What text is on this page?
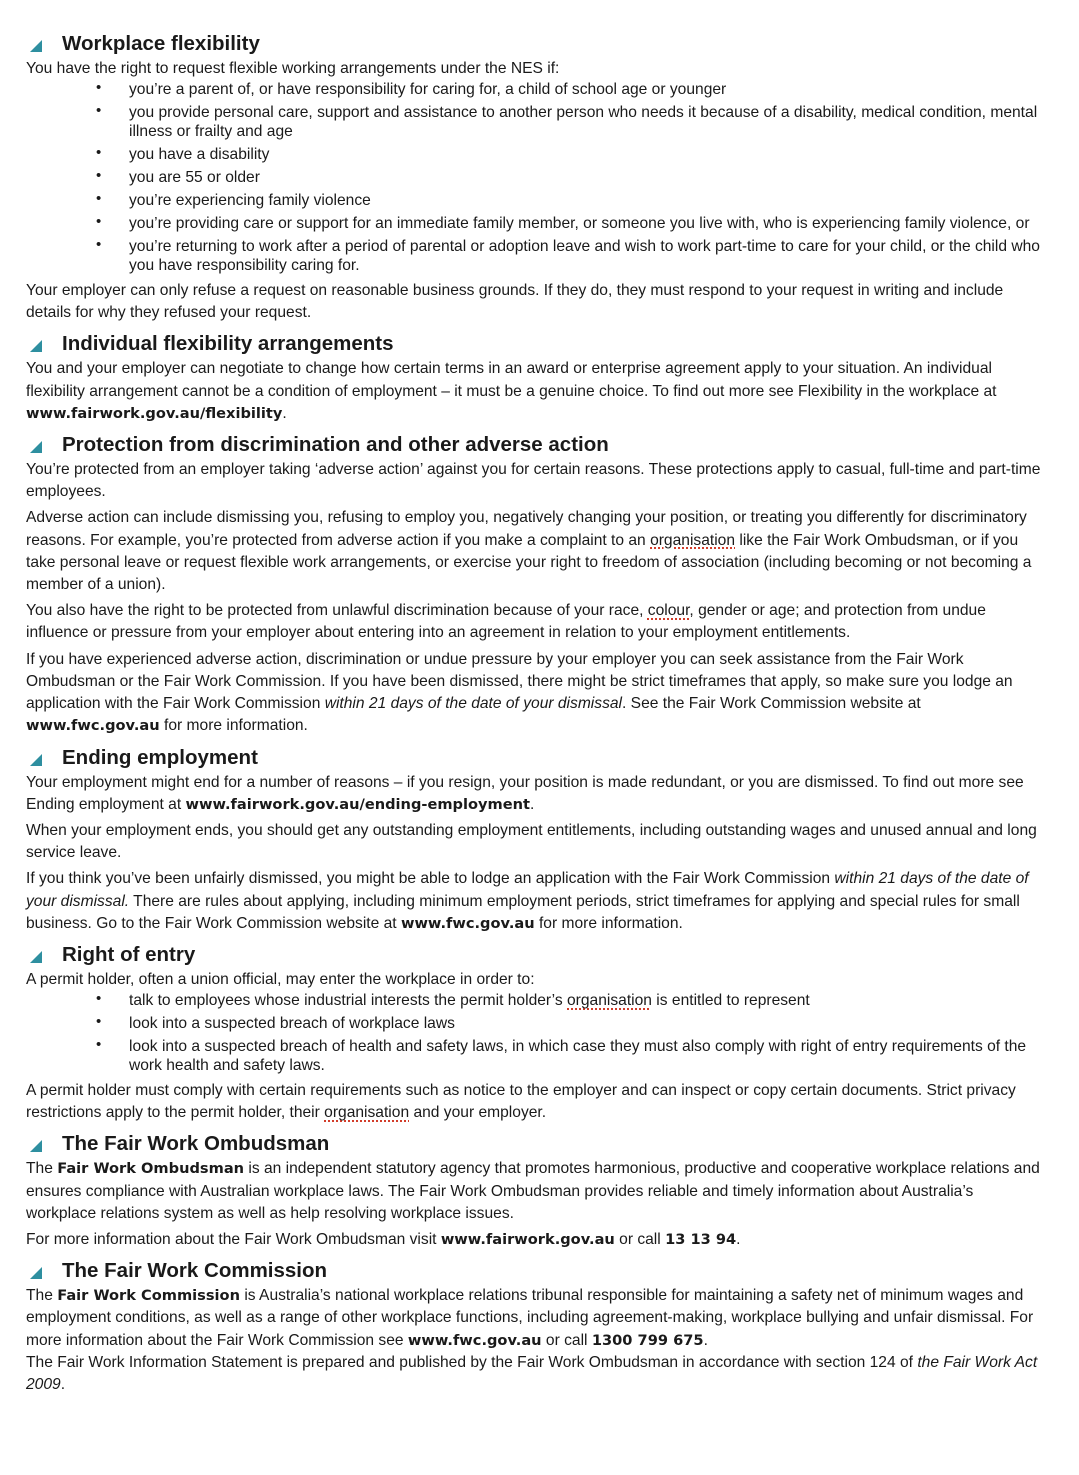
Workplace flexibility
You have the right to request flexible working arrangements under the NES if:
• you’re a parent of, or have responsibility for caring for, a child of school age or younger
• you provide personal care, support and assistance to another person who needs it because of a disability, medical condition, mental illness or frailty and age
• you have a disability
• you are 55 or older
• you’re experiencing family violence
• you’re providing care or support for an immediate family member, or someone you live with, who is experiencing family violence, or
• you’re returning to work after a period of parental or adoption leave and wish to work part-time to care for your child, or the child who you have responsibility caring for.
Your employer can only refuse a request on reasonable business grounds. If they do, they must respond to your request in writing and include details for why they refused your request.
Individual flexibility arrangements
You and your employer can negotiate to change how certain terms in an award or enterprise agreement apply to your situation. An individual flexibility arrangement cannot be a condition of employment – it must be a genuine choice. To find out more see Flexibility in the workplace at www.fairwork.gov.au/flexibility.
Protection from discrimination and other adverse action
You’re protected from an employer taking ‘adverse action’ against you for certain reasons. These protections apply to casual, full-time and part-time employees.
Adverse action can include dismissing you, refusing to employ you, negatively changing your position, or treating you differently for discriminatory reasons. For example, you’re protected from adverse action if you make a complaint to an organisation like the Fair Work Ombudsman, or if you take personal leave or request flexible work arrangements, or exercise your right to freedom of association (including becoming or not becoming a member of a union).
You also have the right to be protected from unlawful discrimination because of your race, colour, gender or age; and protection from undue influence or pressure from your employer about entering into an agreement in relation to your employment entitlements.
If you have experienced adverse action, discrimination or undue pressure by your employer you can seek assistance from the Fair Work Ombudsman or the Fair Work Commission. If you have been dismissed, there might be strict timeframes that apply, so make sure you lodge an application with the Fair Work Commission within 21 days of the date of your dismissal. See the Fair Work Commission website at www.fwc.gov.au for more information.
Ending employment
Your employment might end for a number of reasons – if you resign, your position is made redundant, or you are dismissed. To find out more see Ending employment at www.fairwork.gov.au/ending-employment.
When your employment ends, you should get any outstanding employment entitlements, including outstanding wages and unused annual and long service leave.
If you think you’ve been unfairly dismissed, you might be able to lodge an application with the Fair Work Commission within 21 days of the date of your dismissal. There are rules about applying, including minimum employment periods, strict timeframes for applying and special rules for small business. Go to the Fair Work Commission website at www.fwc.gov.au for more information.
Right of entry
A permit holder, often a union official, may enter the workplace in order to:
• talk to employees whose industrial interests the permit holder’s organisation is entitled to represent
• look into a suspected breach of workplace laws
• look into a suspected breach of health and safety laws, in which case they must also comply with right of entry requirements of the work health and safety laws.
A permit holder must comply with certain requirements such as notice to the employer and can inspect or copy certain documents. Strict privacy restrictions apply to the permit holder, their organisation and your employer.
The Fair Work Ombudsman
The Fair Work Ombudsman is an independent statutory agency that promotes harmonious, productive and cooperative workplace relations and ensures compliance with Australian workplace laws. The Fair Work Ombudsman provides reliable and timely information about Australia’s workplace relations system as well as help resolving workplace issues.
For more information about the Fair Work Ombudsman visit www.fairwork.gov.au or call 13 13 94.
The Fair Work Commission
The Fair Work Commission is Australia’s national workplace relations tribunal responsible for maintaining a safety net of minimum wages and employment conditions, as well as a range of other workplace functions, including agreement-making, workplace bullying and unfair dismissal. For more information about the Fair Work Commission see www.fwc.gov.au or call 1300 799 675.
The Fair Work Information Statement is prepared and published by the Fair Work Ombudsman in accordance with section 124 of the Fair Work Act 2009.
